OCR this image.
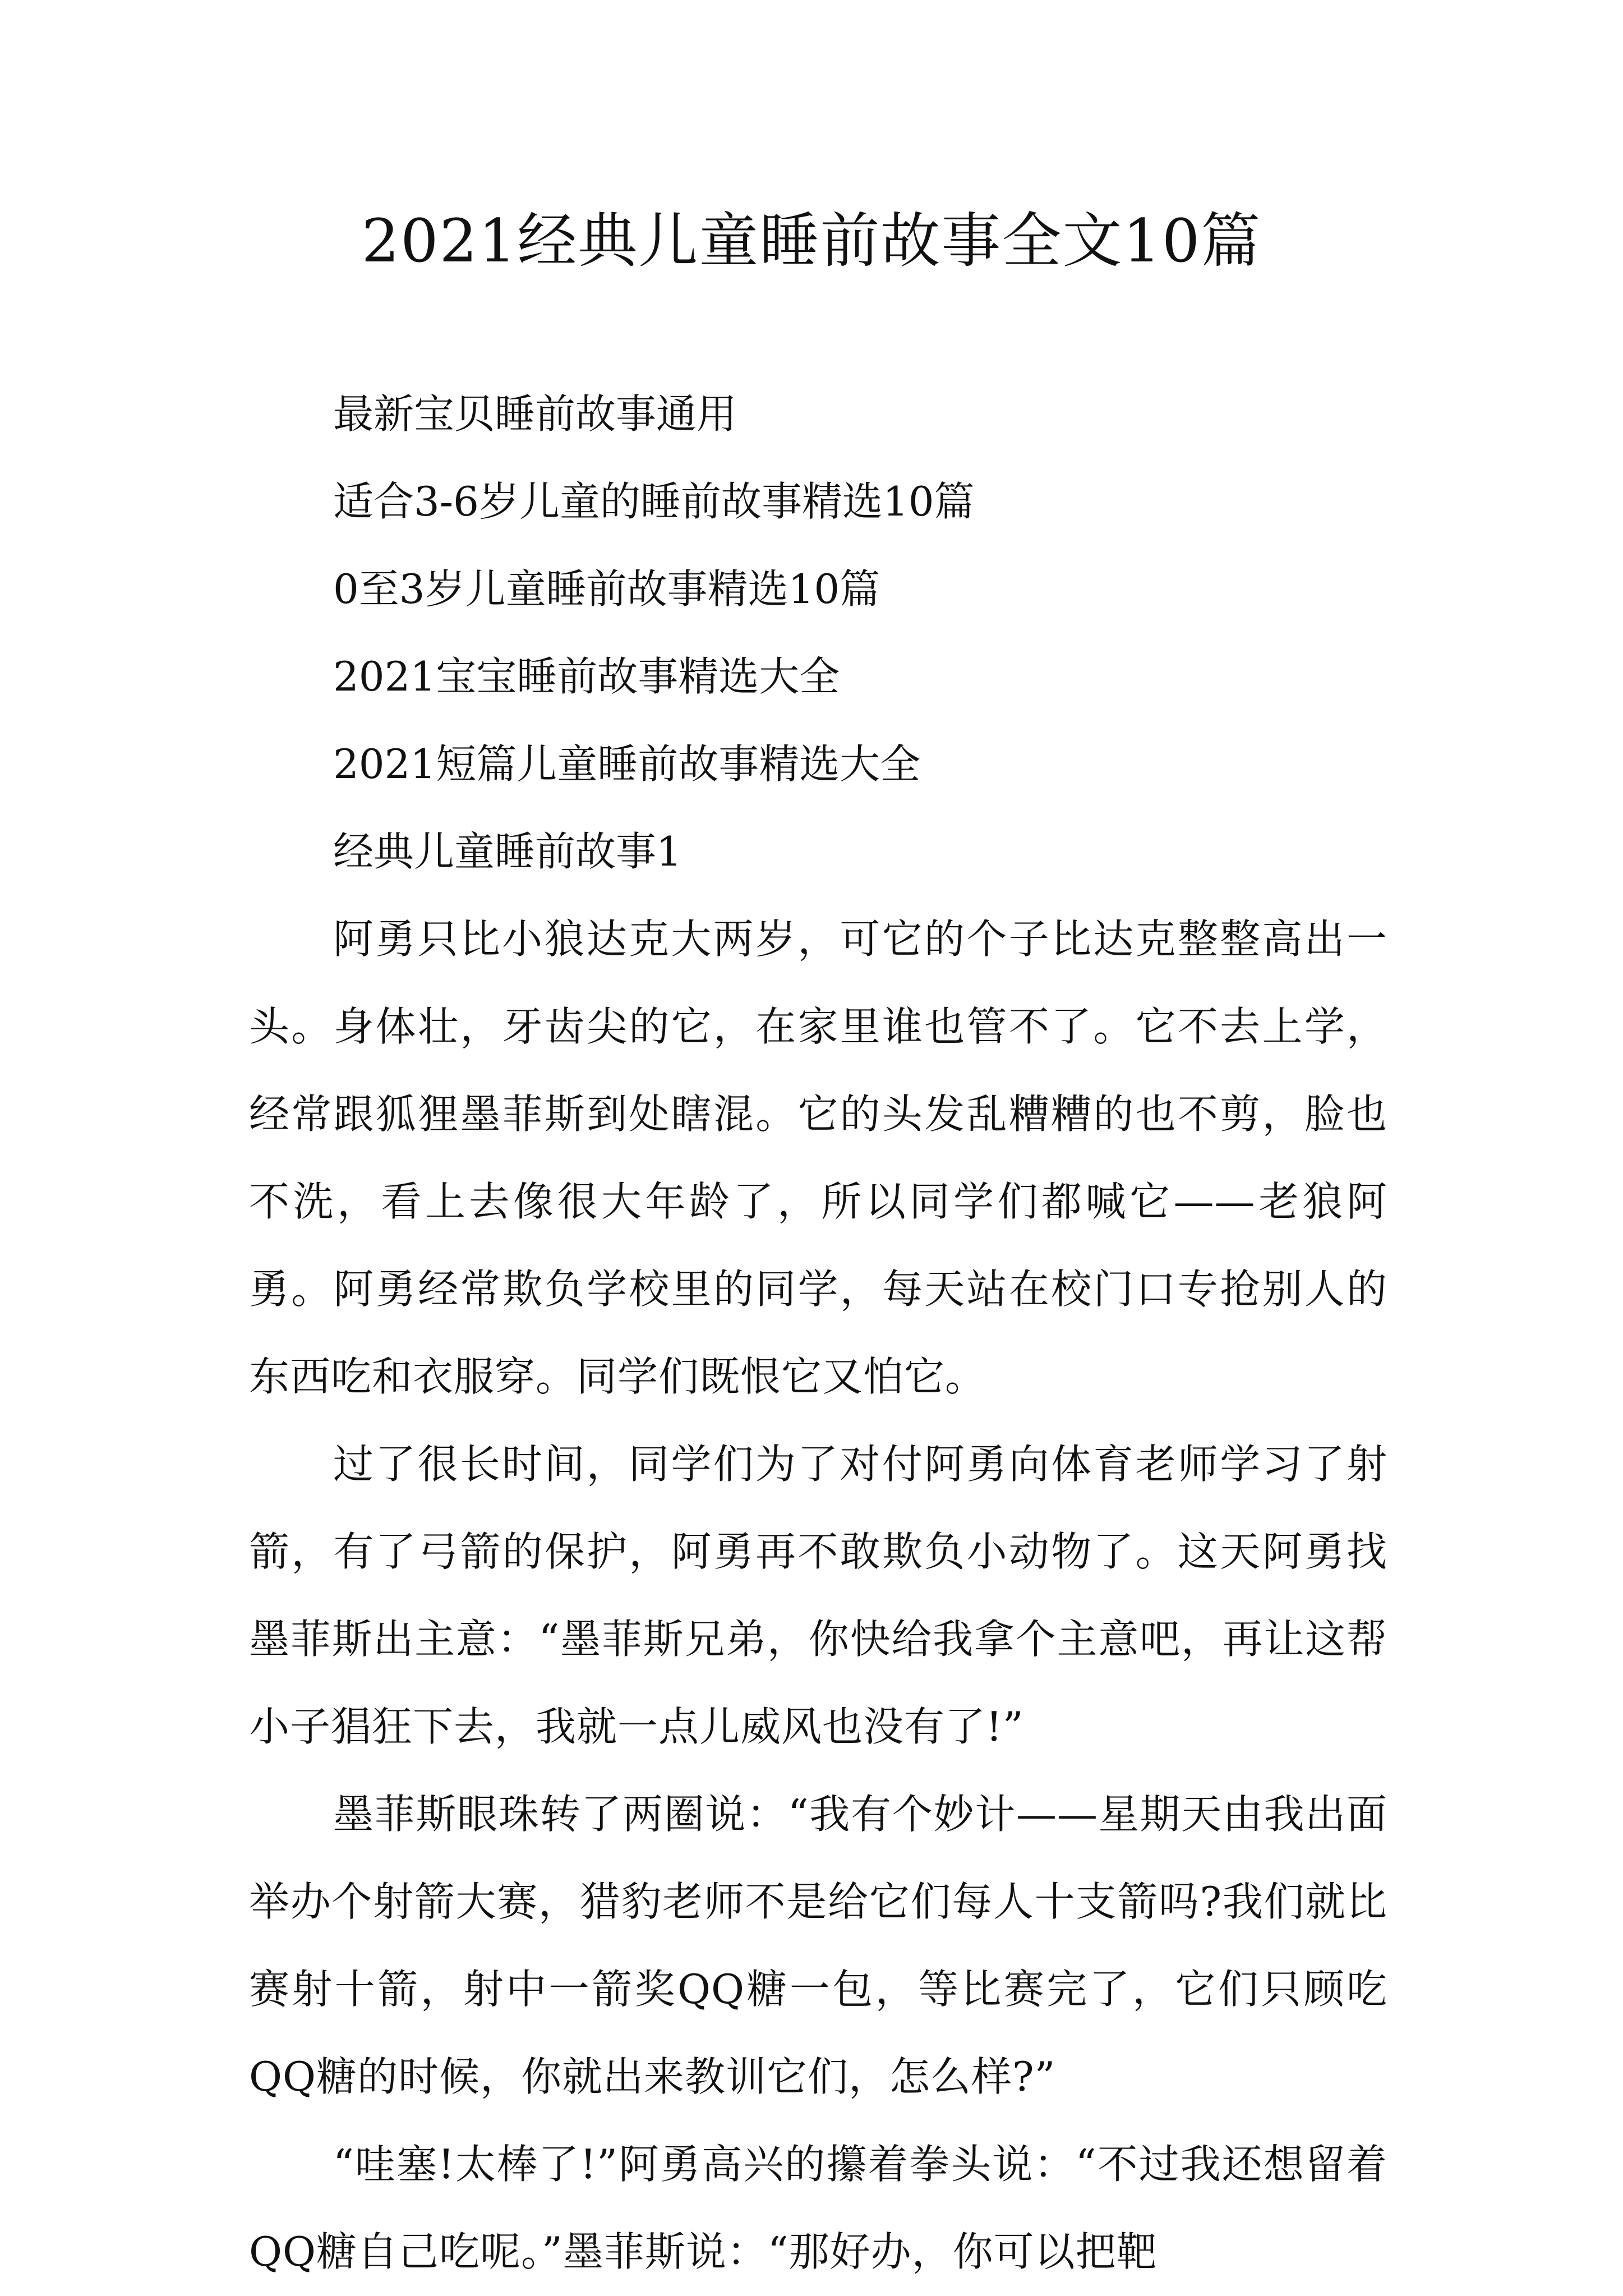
2021经典儿童睡前故事全文10篇

最新宝贝睡前故事通用

适合3-6岁儿童的睡前故事精选10篇

0至3岁儿童睡前故事精选10篇

2021宝宝睡前故事精选大全

2021短篇儿童睡前故事精选大全

经典儿童睡前故事1

阿勇只比小狼达克大两岁，可它的个子比达克整整高出一头。身体壮，牙齿尖的它，在家里谁也管不了。它不去上学，经常跟狐狸墨菲斯到处瞎混。它的头发乱糟糟的也不剪，脸也不洗，看上去像很大年龄了，所以同学们都喊它——老狼阿勇。阿勇经常欺负学校里的同学，每天站在校门口专抢别人的东西吃和衣服穿。同学们既恨它又怕它。

过了很长时间，同学们为了对付阿勇向体育老师学习了射箭，有了弓箭的保护，阿勇再不敢欺负小动物了。这天阿勇找墨菲斯出主意：“墨菲斯兄弟，你快给我拿个主意吧，再让这帮小子猖狂下去，我就一点儿威风也没有了!”

墨菲斯眼珠转了两圈说：“我有个妙计——星期天由我出面举办个射箭大赛，猎豹老师不是给它们每人十支箭吗?我们就比赛射十箭，射中一箭奖QQ糖一包，等比赛完了，它们只顾吃QQ糖的时候，你就出来教训它们，怎么样?”

“哇塞!太棒了!”阿勇高兴的攥着拳头说：“不过我还想留着QQ糖自己吃呢。”墨菲斯说：“那好办，你可以把靶
